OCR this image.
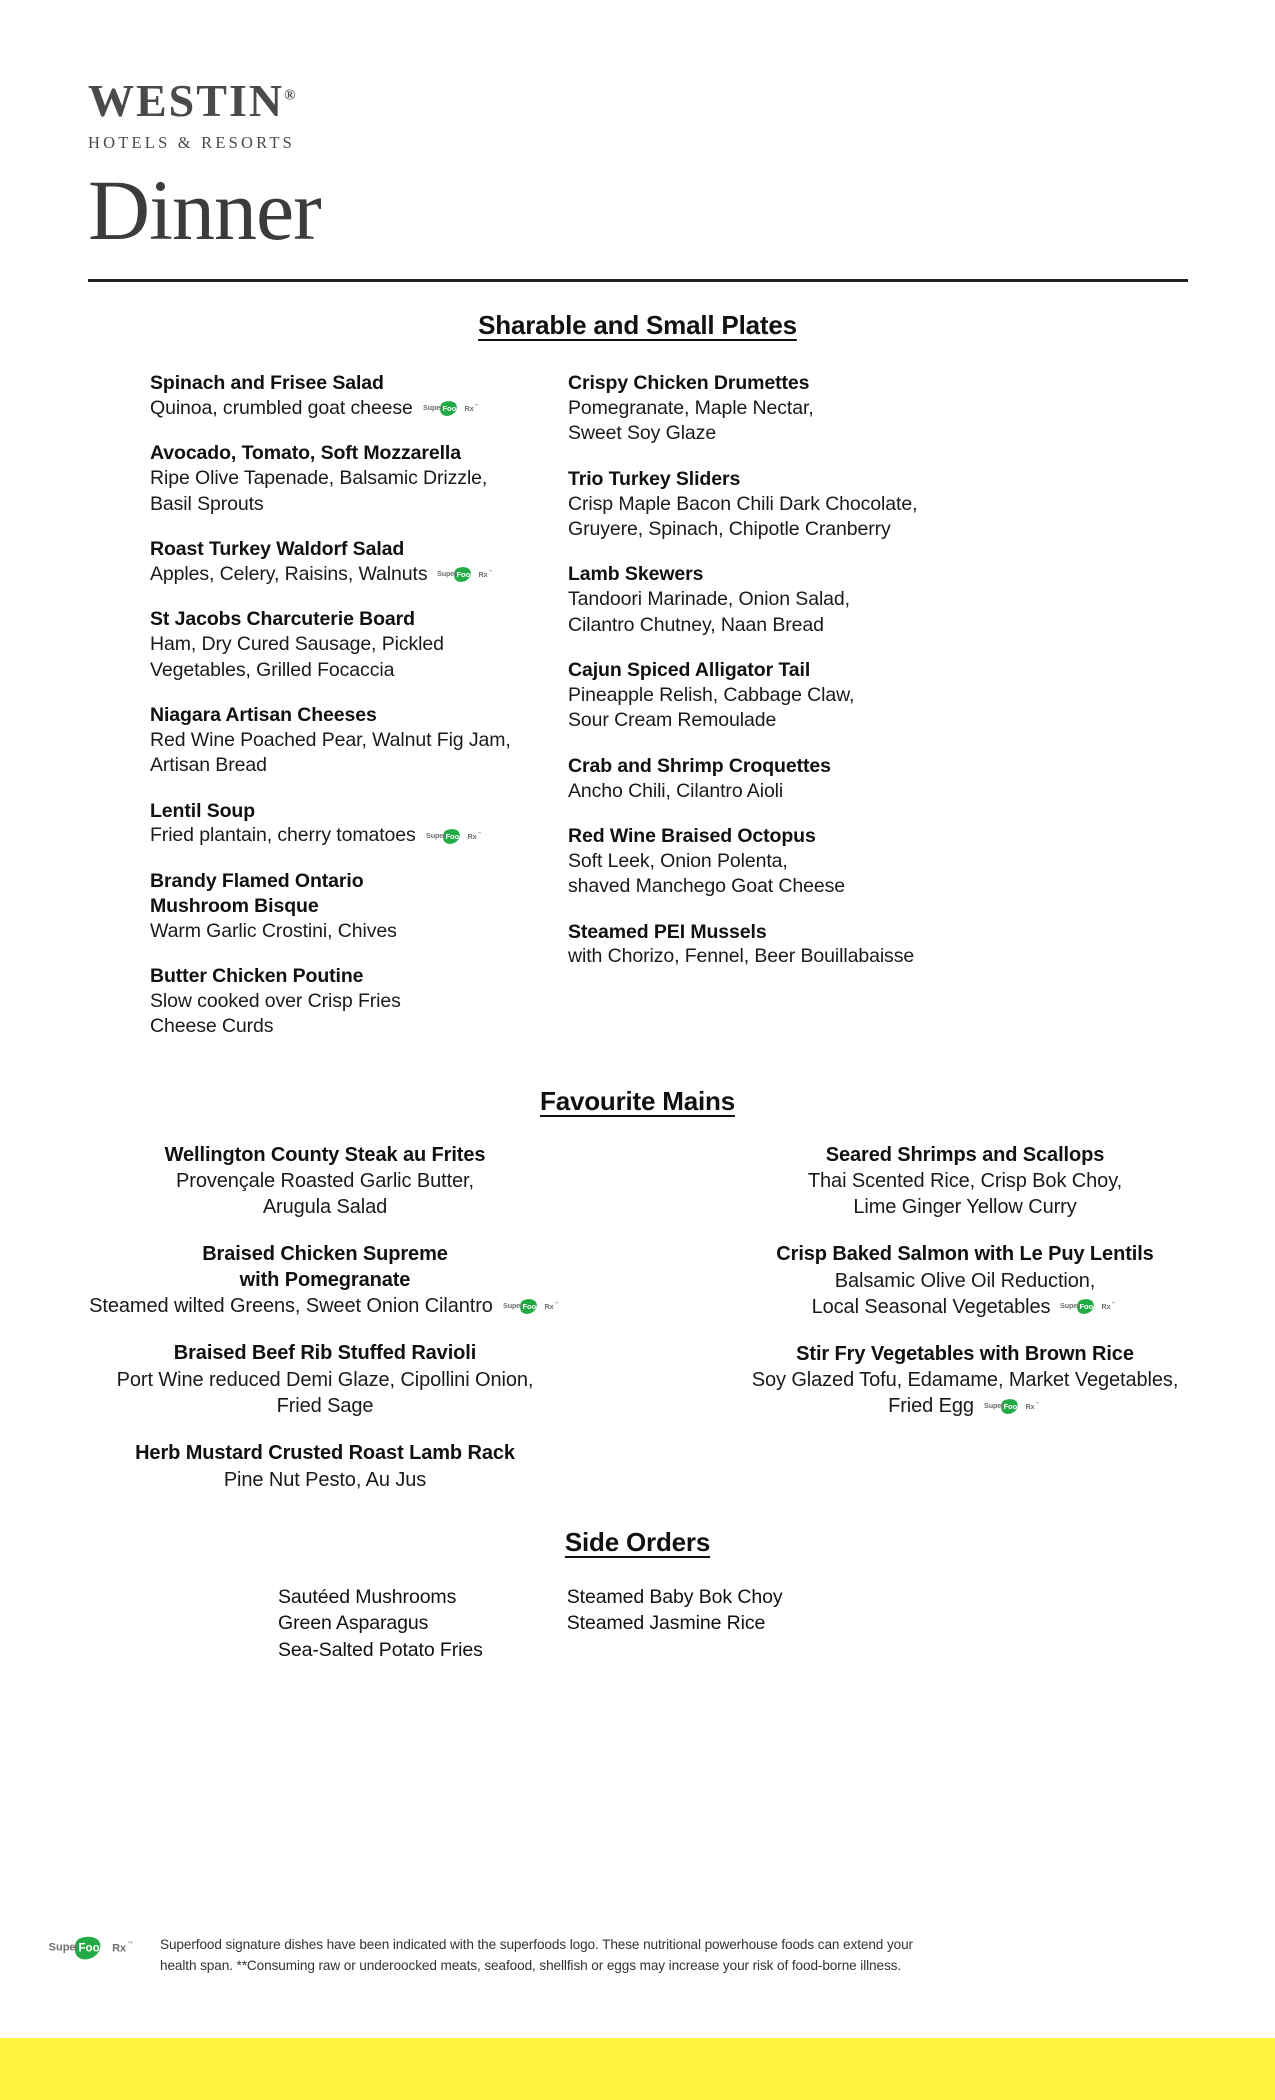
WESTIN®
HOTELS & RESORTS
Dinner
Sharable and Small Plates
Spinach and Frisee Salad
Quinoa, crumbled goat cheese Super Foods Rx ™
Avocado, Tomato, Soft Mozzarella
Ripe Olive Tapenade, Balsamic Drizzle,
Basil Sprouts
Roast Turkey Waldorf Salad
Apples, Celery, Raisins, Walnuts Super Foods Rx ™
St Jacobs Charcuterie Board
Ham, Dry Cured Sausage, Pickled
Vegetables, Grilled Focaccia
Niagara Artisan Cheeses
Red Wine Poached Pear, Walnut Fig Jam,
Artisan Bread
Lentil Soup
Fried plantain, cherry tomatoes Super Foods Rx ™
Brandy Flamed Ontario
Mushroom Bisque
Warm Garlic Crostini, Chives
Butter Chicken Poutine
Slow cooked over Crisp Fries
Cheese Curds
Crispy Chicken Drumettes
Pomegranate, Maple Nectar,
Sweet Soy Glaze
Trio Turkey Sliders
Crisp Maple Bacon Chili Dark Chocolate,
Gruyere, Spinach, Chipotle Cranberry
Lamb Skewers
Tandoori Marinade, Onion Salad,
Cilantro Chutney, Naan Bread
Cajun Spiced Alligator Tail
Pineapple Relish, Cabbage Claw,
Sour Cream Remoulade
Crab and Shrimp Croquettes
Ancho Chili, Cilantro Aioli
Red Wine Braised Octopus
Soft Leek, Onion Polenta,
shaved Manchego Goat Cheese
Steamed PEI Mussels
with Chorizo, Fennel, Beer Bouillabaisse
Favourite Mains
Wellington County Steak au Frites
Provençale Roasted Garlic Butter,
Arugula Salad
Braised Chicken Supreme
with Pomegranate
Steamed wilted Greens, Sweet Onion Cilantro Super Foods Rx ™
Braised Beef Rib Stuffed Ravioli
Port Wine reduced Demi Glaze, Cipollini Onion,
Fried Sage
Herb Mustard Crusted Roast Lamb Rack
Pine Nut Pesto, Au Jus
Seared Shrimps and Scallops
Thai Scented Rice, Crisp Bok Choy,
Lime Ginger Yellow Curry
Crisp Baked Salmon with Le Puy Lentils
Balsamic Olive Oil Reduction,
Local Seasonal Vegetables Super Foods Rx ™
Stir Fry Vegetables with Brown Rice
Soy Glazed Tofu, Edamame, Market Vegetables,
Fried Egg Super Foods Rx ™
Side Orders
Sautéed Mushrooms
Green Asparagus
Sea-Salted Potato Fries
Steamed Baby Bok Choy
Steamed Jasmine Rice
Super
Foods
Rx ™ Superfood signature dishes have been indicated with the superfoods logo. These nutritional powerhouse foods can extend your
health span. **Consuming raw or underoocked meats, seafood, shellfish or eggs may increase your risk of food-borne illness.
